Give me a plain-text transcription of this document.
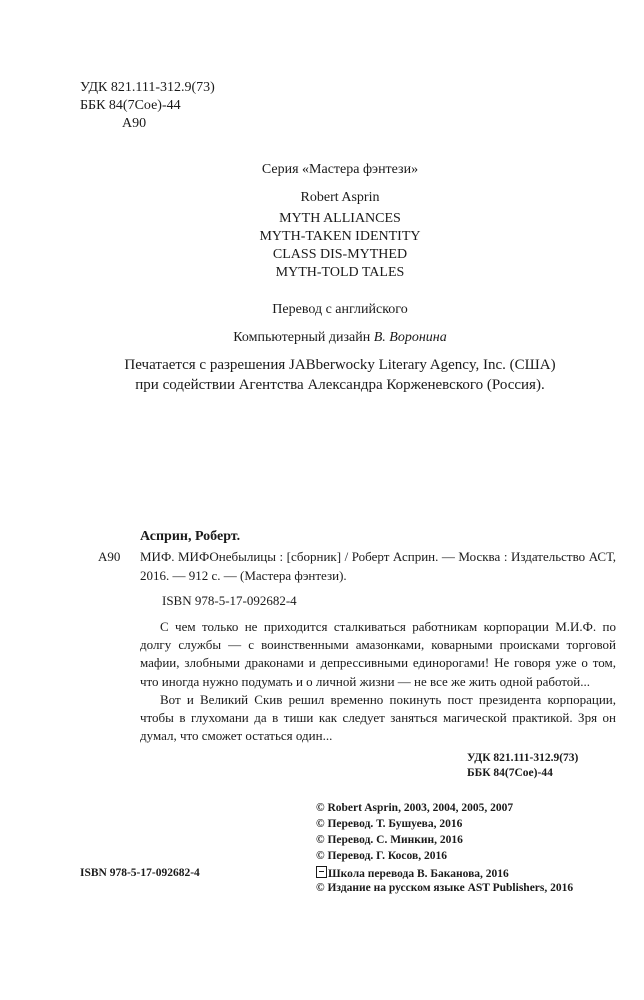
УДК 821.111-312.9(73)
ББК 84(7Сое)-44
А90
Серия «Мастера фэнтези»
Robert Asprin
MYTH ALLIANCES
MYTH-TAKEN IDENTITY
CLASS DIS-MYTHED
MYTH-TOLD TALES
Перевод с английского
Компьютерный дизайн В. Воронина
Печатается с разрешения JABberwocky Literary Agency, Inc. (США)
при содействии Агентства Александра Корженевского (Россия).
Асприн, Роберт.
А90 МИФ. МИФОнебылицы : [сборник] / Роберт Асприн. — Москва : Издательство АСТ, 2016. — 912 с. — (Мастера фэнтези).
ISBN 978-5-17-092682-4

С чем только не приходится сталкиваться работникам корпорации М.И.Ф. по долгу службы — с воинственными амазонками, коварными происками торговой мафии, злобными драконами и депрессивными единорогами! Не говоря уже о том, что иногда нужно подумать и о личной жизни — не все же жить одной работой...

Вот и Великий Скив решил временно покинуть пост президента корпорации, чтобы в глухомани да в тиши как следует заняться магической практикой. Зря он думал, что сможет остаться один...

УДК 821.111-312.9(73)
ББК 84(7Сое)-44
ISBN 978-5-17-092682-4
© Robert Asprin, 2003, 2004, 2005, 2007
© Перевод. Т. Бушуева, 2016
© Перевод. С. Минкин, 2016
© Перевод. Г. Косов, 2016
Школа перевода В. Баканова, 2016
© Издание на русском языке AST Publishers, 2016
